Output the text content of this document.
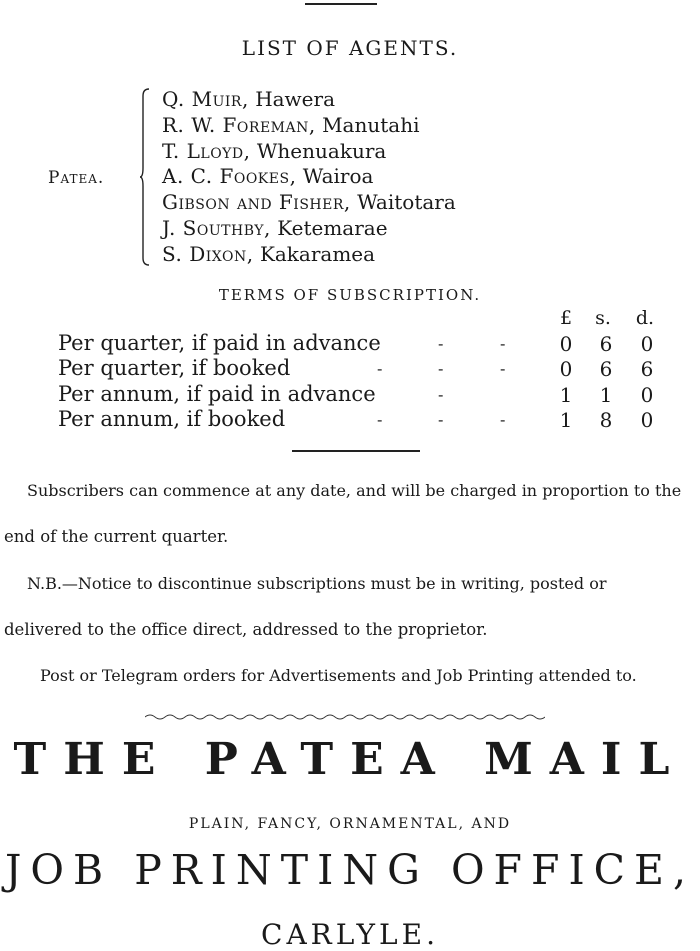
LIST OF AGENTS.
Patea.
Q. Muir, Hawera
R. W. Foreman, Manutahi
T. Lloyd, Whenuakura
A. C. Fookes, Wairoa
Gibson and Fisher, Waitotara
J. Southby, Ketemarae
S. Dixon, Kakaramea
TERMS OF SUBSCRIPTION.
£	s.	d.
Per quarter, if paid in advance	-	-	0	6	0
Per quarter, if booked	-	-	-	0	6	6
Per annum, if paid in advance	-	1	1	0
Per annum, if booked	-	-	-	1	8	0
Subscribers can commence at any date, and will be charged in proportion to the
end of the current quarter.
N.B.—Notice to discontinue subscriptions must be in writing, posted or
delivered to the office direct, addressed to the proprietor.
Post or Telegram orders for Advertisements and Job Printing attended to.
THE PATEA MAIL
PLAIN, FANCY, ORNAMENTAL, AND
JOB PRINTING OFFICE,
CARLYLE.
